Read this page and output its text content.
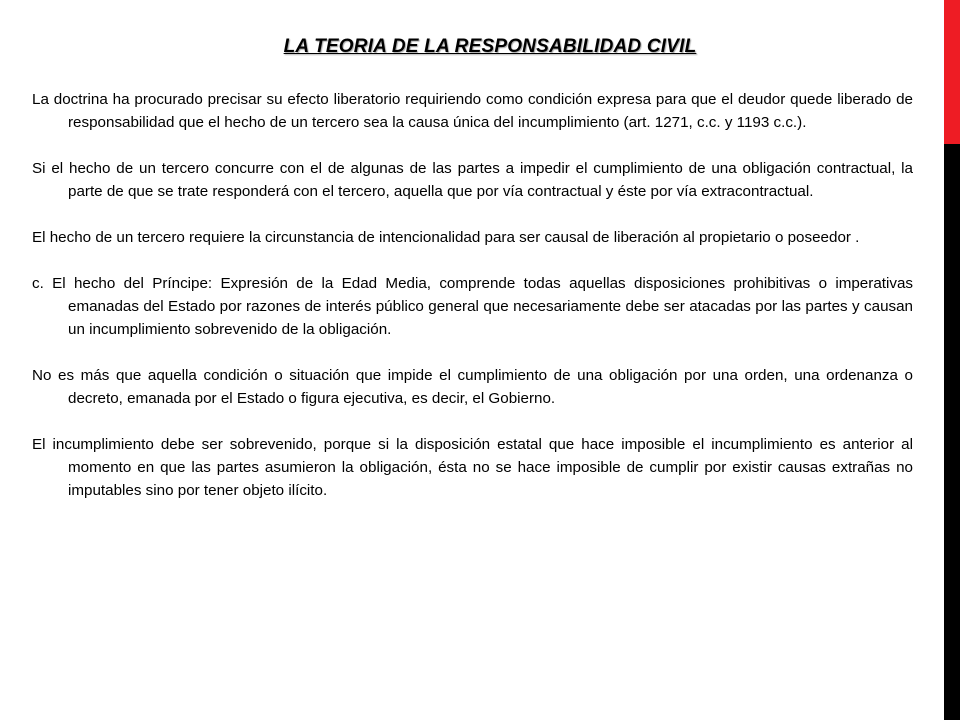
LA TEORIA DE LA RESPONSABILIDAD CIVIL

La doctrina ha procurado precisar su efecto liberatorio requiriendo como condición expresa para que el deudor quede liberado de responsabilidad que el hecho de un tercero sea la causa única del incumplimiento (art. 1271, c.c. y 1193 c.c.).

Si el hecho de un tercero concurre con el de algunas de las partes a impedir el cumplimiento de una obligación contractual, la parte de que se trate responderá con el tercero, aquella que por vía contractual y éste por vía extracontractual.

El hecho de un tercero requiere la circunstancia de intencionalidad para ser causal de liberación al propietario o poseedor .

c. El hecho del Príncipe: Expresión de la Edad Media, comprende todas aquellas disposiciones prohibitivas o imperativas emanadas del Estado por razones de interés público general que necesariamente debe ser atacadas por las partes y causan un incumplimiento sobrevenido de la obligación.

No es más que aquella condición o situación que impide el cumplimiento de una obligación por una orden, una ordenanza o decreto, emanada por el Estado o figura ejecutiva, es decir, el Gobierno.

El incumplimiento debe ser sobrevenido, porque si la disposición estatal que hace imposible el incumplimiento es anterior al momento en que las partes asumieron la obligación, ésta no se hace imposible de cumplir por existir causas extrañas no imputables sino por tener objeto ilícito.
